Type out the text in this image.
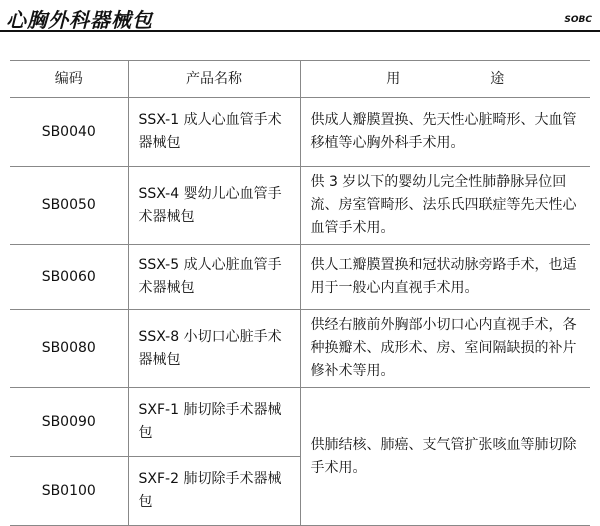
心胸外科器械包	SOBC
编码	产品名称	用 途
SB0040	SSX-1 成人心血管手术器械包	供成人瓣膜置换、先天性心脏畸形、大血管移植等心胸外科手术用。
SB0050	SSX-4 婴幼儿心血管手术器械包	供 3 岁以下的婴幼儿完全性肺静脉异位回流、房室管畸形、法乐氏四联症等先天性心血管手术用。
SB0060	SSX-5 成人心脏血管手术器械包	供人工瓣膜置换和冠状动脉旁路手术，也适用于一般心内直视手术用。
SB0080	SSX-8 小切口心脏手术器械包	供经右腋前外胸部小切口心内直视手术，各种换瓣术、成形术、房、室间隔缺损的补片修补术等用。
SB0090	SXF-1 肺切除手术器械包	供肺结核、肺癌、支气管扩张咳血等肺切除手术用。
SB0100	SXF-2 肺切除手术器械包	
